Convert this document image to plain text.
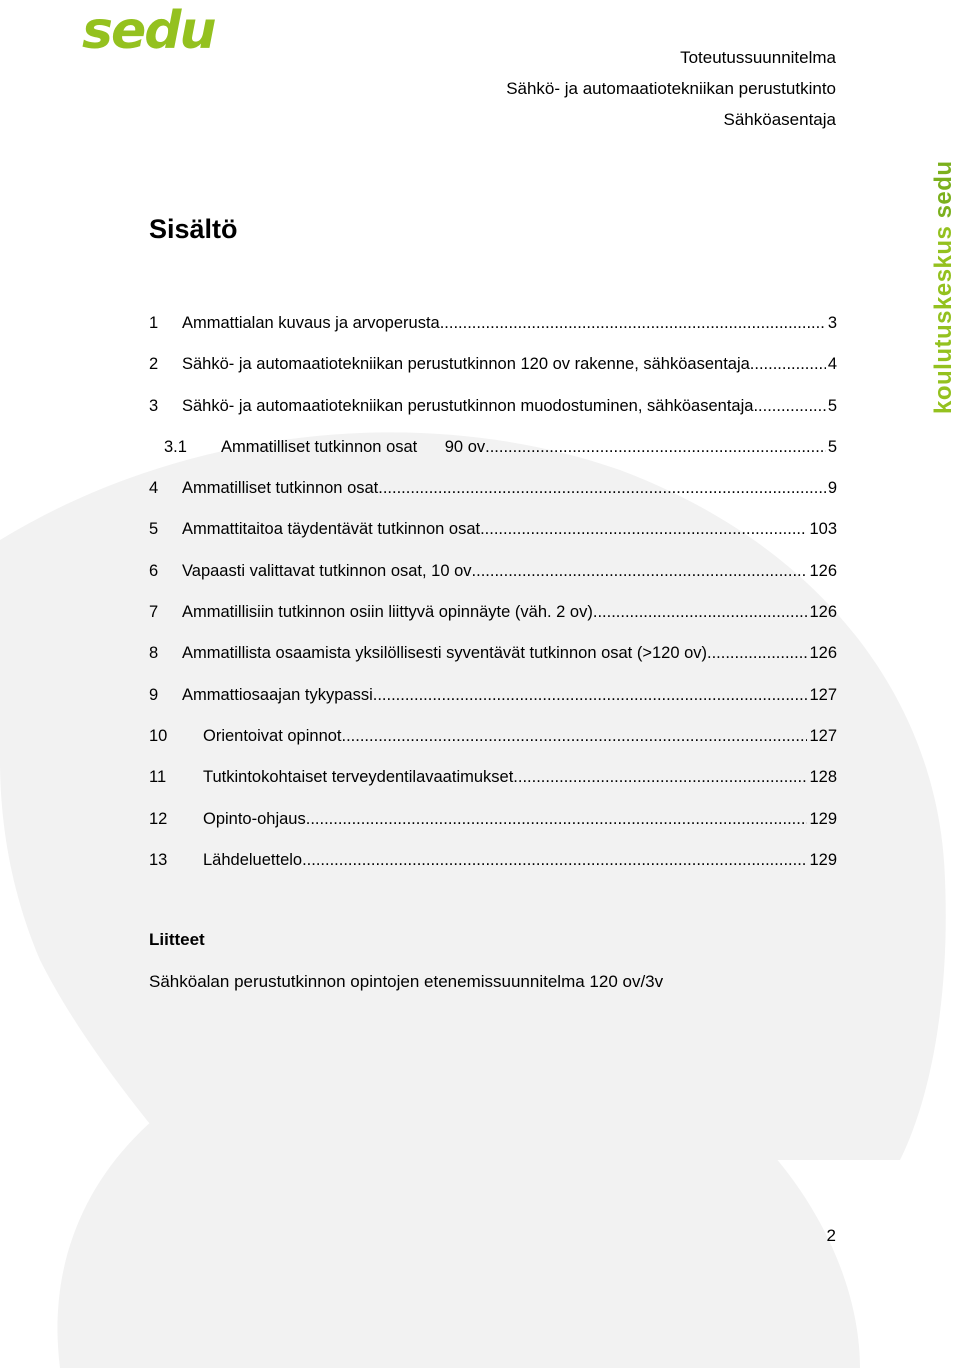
sedu
koulutuskeskus sedu
Toteutussuunnitelma
Sähkö- ja automaatiotekniikan perustutkinto
Sähköasentaja
Sisältö
1	Ammattialan kuvaus ja arvoperusta .....	3
2	Sähkö- ja automaatiotekniikan perustutkinnon 120 ov rakenne, sähköasentaja .....	4
3	Sähkö- ja automaatiotekniikan perustutkinnon muodostuminen, sähköasentaja .....	5
3.1	Ammatilliset tutkinnon osat      90 ov .....	5
4	Ammatilliset tutkinnon osat .....	9
5	Ammattitaitoa täydentävät tutkinnon osat .....	103
6	Vapaasti valittavat tutkinnon osat, 10 ov .....	126
7	Ammatillisiin tutkinnon osiin liittyvä opinnäyte (väh. 2 ov) .....	126
8	Ammatillista osaamista yksilöllisesti syventävät tutkinnon osat (>120 ov) .....	126
9	Ammattiosaajan tykypassi .....	127
10	Orientoivat opinnot .....	127
11	Tutkintokohtaiset terveydentilavaatimukset .....	128
12	Opinto-ohjaus .....	129
13	Lähdeluettelo .....	129
Liitteet
Sähköalan perustutkinnon opintojen etenemissuunnitelma 120 ov/3v
2
